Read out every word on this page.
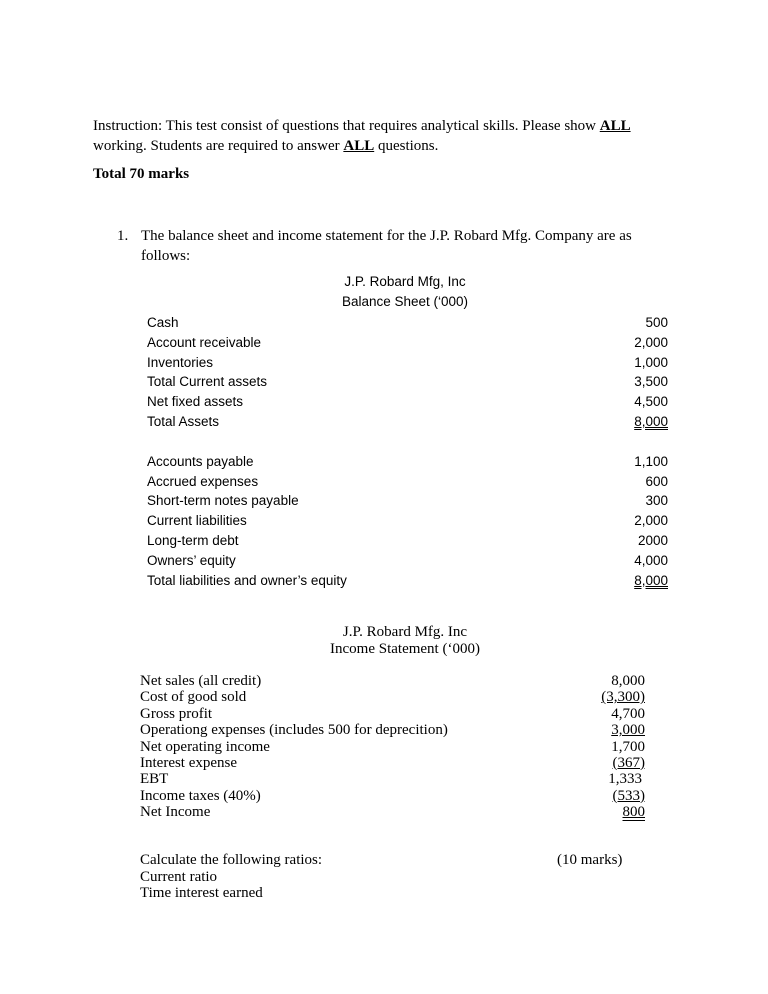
Instruction: This test consist of questions that requires analytical skills. Please show ALL
working. Students are required to answer ALL questions.
Total 70 marks
1. The balance sheet and income statement for the J.P. Robard Mfg. Company are as follows:
J.P. Robard Mfg, Inc
Balance Sheet (‘000)
Cash	500
Account receivable	2,000
Inventories	1,000
Total Current assets	3,500
Net fixed assets	4,500
Total Assets	8,000
Accounts payable	1,100
Accrued expenses	600
Short-term notes payable	300
Current liabilities	2,000
Long-term debt	2000
Owners’ equity	4,000
Total liabilities and owner’s equity	8,000
J.P. Robard Mfg. Inc
Income Statement (‘000)
Net sales (all credit)	8,000
Cost of good sold	(3,300)
Gross profit	4,700
Operationg expenses (includes 500 for deprecition)	3,000
Net operating income	1,700
Interest expense	(367)
EBT	1,333
Income taxes (40%)	(533)
Net Income	800
Calculate the following ratios:
Current ratio
Time interest earned
(10 marks)
